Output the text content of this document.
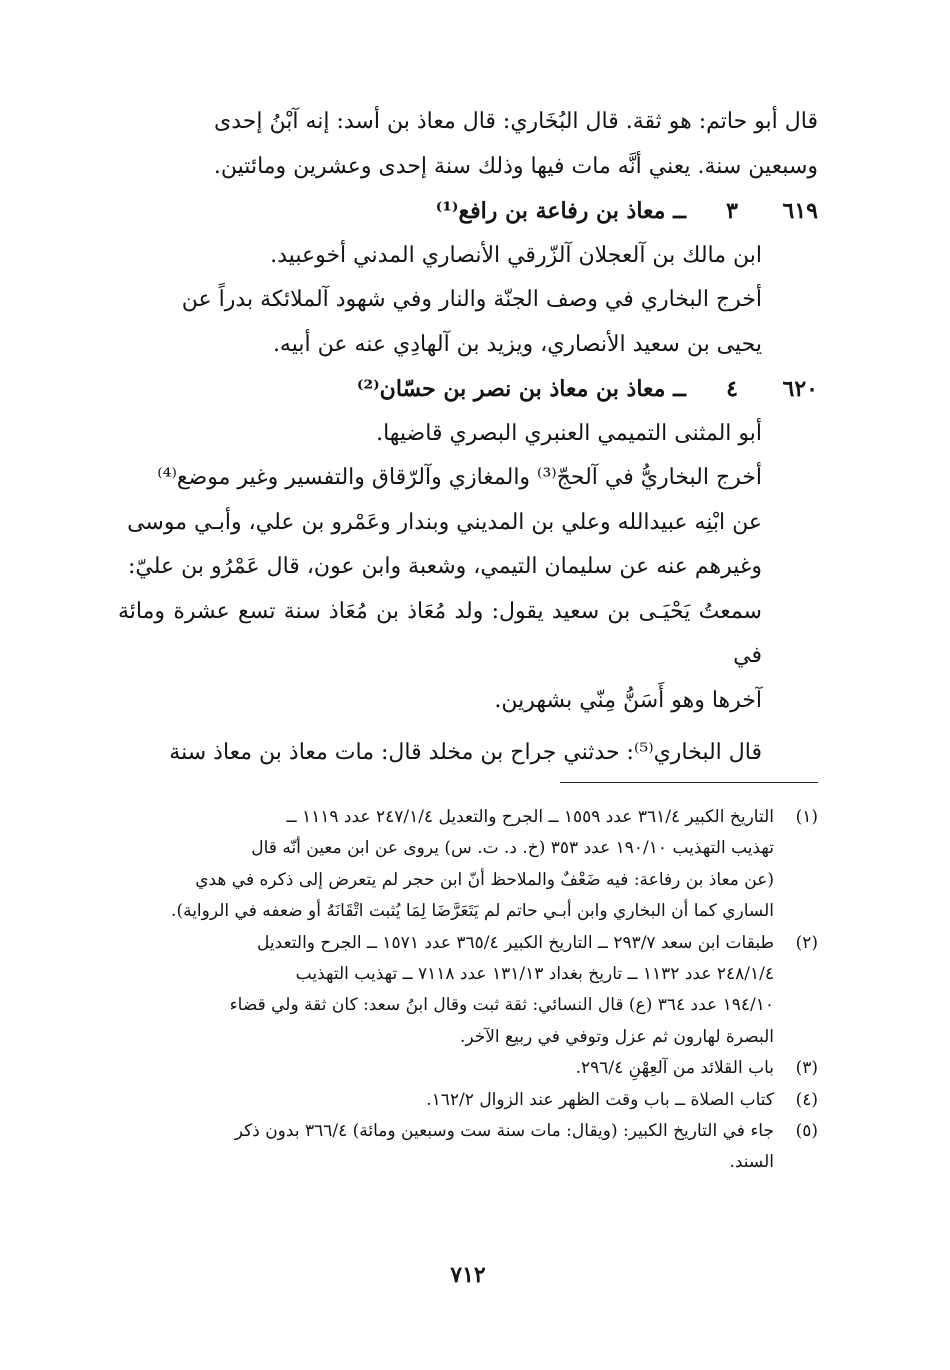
قال أبو حاتم: هو ثقة. قال البُخَاري: قال معاذ بن أسد: إنه آبْنُ إحدى
وسبعين سنة. يعني أنَّه مات فيها وذلك سنة إحدى وعشرين ومائتين.

٦١٩
٣
ــ معاذ بن رفاعة بن رافع⁽¹⁾

ابن مالك بن آلعجلان آلزّرقي الأنصاري المدني أخوعبيد.

أخرج البخاري في وصف الجنّة والنار وفي شهود آلملائكة بدراً عن
يحيى بن سعيد الأنصاري، ويزيد بن آلهادِي عنه عن أبيه.

٦٢٠
٤
ــ معاذ بن معاذ بن نصر بن حسّان⁽²⁾

أبو المثنى التميمي العنبري البصري قاضيها.

أخرج البخاريُّ في آلحجّ⁽³⁾ والمغازي وآلرّقاق والتفسير وغير موضع⁽⁴⁾
عن ابْنِه عبيدالله وعلي بن المديني وبندار وعَمْرو بن علي، وأبـي موسى
وغيرهم عنه عن سليمان التيمي، وشعبة وابن عون، قال عَمْرُو بن عليّ:
سمعتُ يَحْيَـى بن سعيد يقول: ولد مُعَاذ بن مُعَاذ سنة تسع عشرة ومائة في
آخرها وهو أَسَنُّ مِنّي بشهرين.

قال البخاري⁽⁵⁾: حدثني جراح بن مخلد قال: مات معاذ بن معاذ سنة

(١)
التاريخ الكبير ٣٦١/٤ عدد ١٥٥٩ ــ الجرح والتعديل ٢٤٧/١/٤ عدد ١١١٩ ــ
تهذيب التهذيب ١٩٠/١٠ عدد ٣٥٣ (خ. د. ت. س) يروى عن ابن معين أنّه قال
(عن معاذ بن رفاعة: فيه ضَعْفٌ والملاحظ أنّ ابن حجر لم يتعرض إلى ذكره في هدي
الساري كما أن البخاري وابن أبـي حاتم لم يَتَعَرَّضَا لِمَا يُثبت اتْقَانَهُ أو ضعفه في الرواية).
(٢)
طبقات ابن سعد ٢٩٣/٧ ــ التاريخ الكبير ٣٦٥/٤ عدد ١٥٧١ ــ الجرح والتعديل
٢٤٨/١/٤ عدد ١١٣٢ ــ تاريخ بغداد ١٣١/١٣ عدد ٧١١٨ ــ تهذيب التهذيب
١٩٤/١٠ عدد ٣٦٤ (ع) قال النسائي: ثقة ثبت وقال ابنُ سعد: كان ثقة ولي قضاء
البصرة لهارون ثم عزل وتوفي في ربيع الآخر.
(٣)
باب القلائد من آلعِهْنِ ٢٩٦/٤.
(٤)
كتاب الصلاة ــ باب وقت الظهر عند الزوال ١٦٢/٢.
(٥)
جاء في التاريخ الكبير: (ويقال: مات سنة ست وسبعين ومائة) ٣٦٦/٤ بدون ذكر
السند.
٧١٢
